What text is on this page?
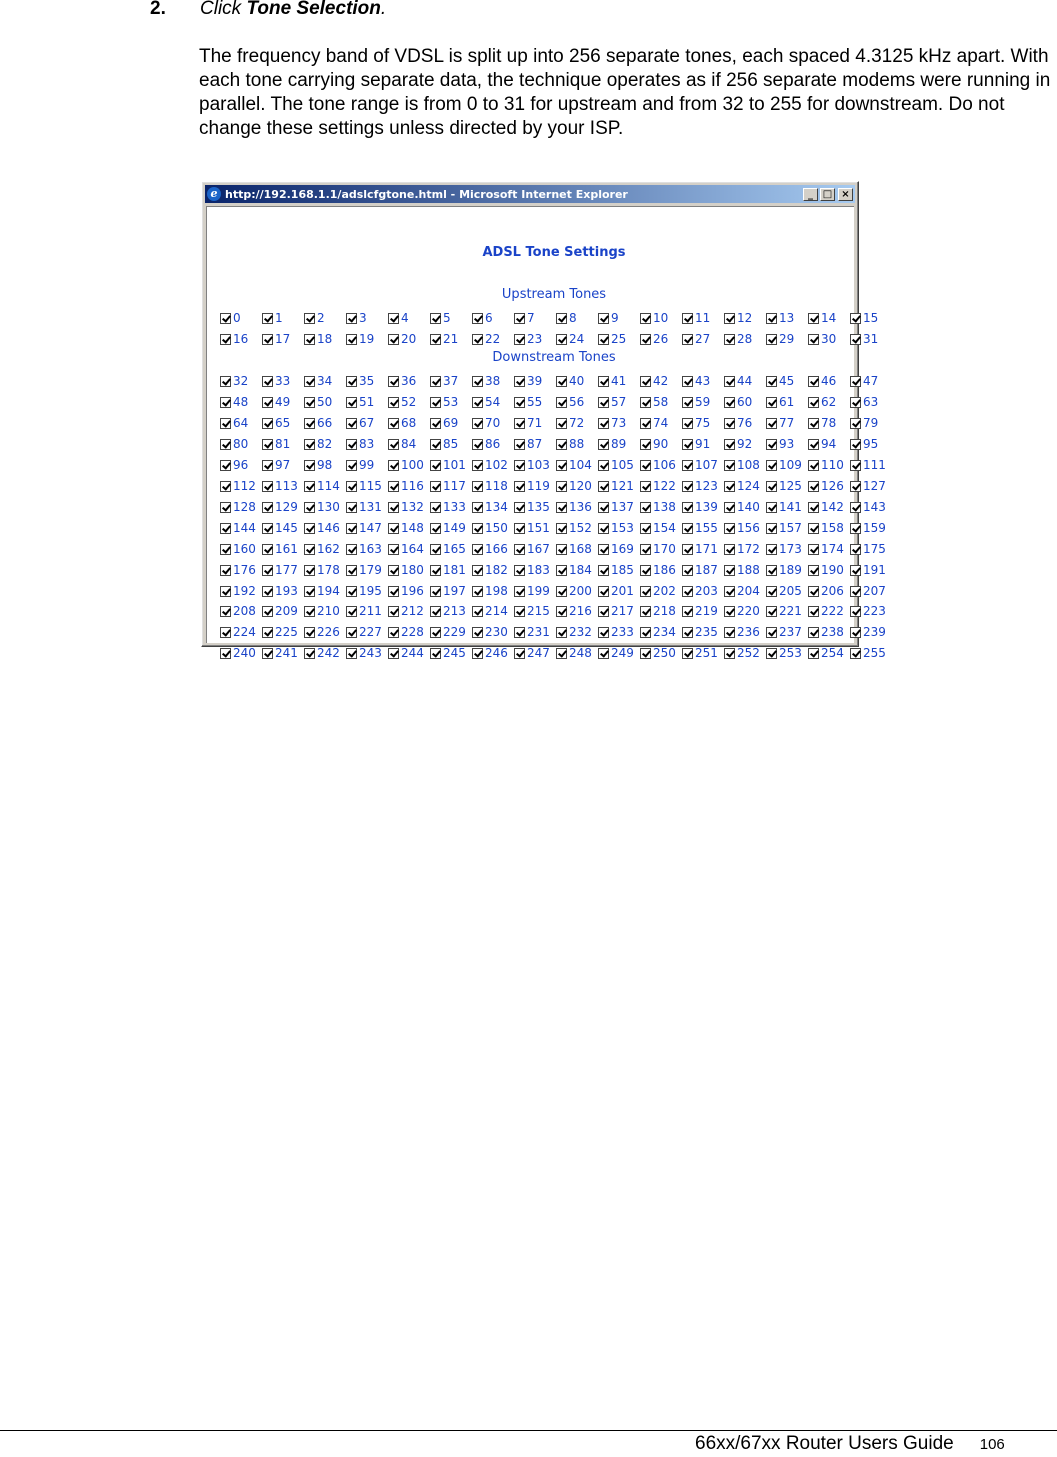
2. Click Tone Selection.
The frequency band of VDSL is split up into 256 separate tones, each spaced 4.3125 kHz apart. With each tone carrying separate data, the technique operates as if 256 separate modems were running in parallel. The tone range is from 0 to 31 for upstream and from 32 to 255 for downstream. Do not change these settings unless directed by your ISP.
e http://192.168.1.1/adslcfgtone.html - Microsoft Internet Explorer	_ □ ×
ADSL Tone Settings
Upstream Tones
Downstream Tones
0	1	2	3	4	5	6	7	8	9	10 11 12 13 14 15
16 17 18 19 20 21 22 23 24 25 26 27 28 29 30 31
32 33 34 35 36 37 38 39 40 41 42 43 44 45 46 47
48 49 50 51 52 53 54 55 56 57 58 59 60 61 62 63
64 65 66 67 68 69 70 71 72 73 74 75 76 77 78 79
80 81 82 83 84 85 86 87 88 89 90 91 92 93 94 95
96 97 98 99 100 101 102 103 104 105 106 107 108 109 110 111
112 113 114 115 116 117 118 119 120 121 122 123 124 125 126 127
128 129 130 131 132 133 134 135 136 137 138 139 140 141 142 143
144 145 146 147 148 149 150 151 152 153 154 155 156 157 158 159
160 161 162 163 164 165 166 167 168 169 170 171 172 173 174 175
176 177 178 179 180 181 182 183 184 185 186 187 188 189 190 191
192 193 194 195 196 197 198 199 200 201 202 203 204 205 206 207
208 209 210 211 212 213 214 215 216 217 218 219 220 221 222 223
224 225 226 227 228 229 230 231 232 233 234 235 236 237 238 239
240 241 242 243 244 245 246 247 248 249 250 251 252 253 254 255
66xx/67xx Router Users Guide 106
